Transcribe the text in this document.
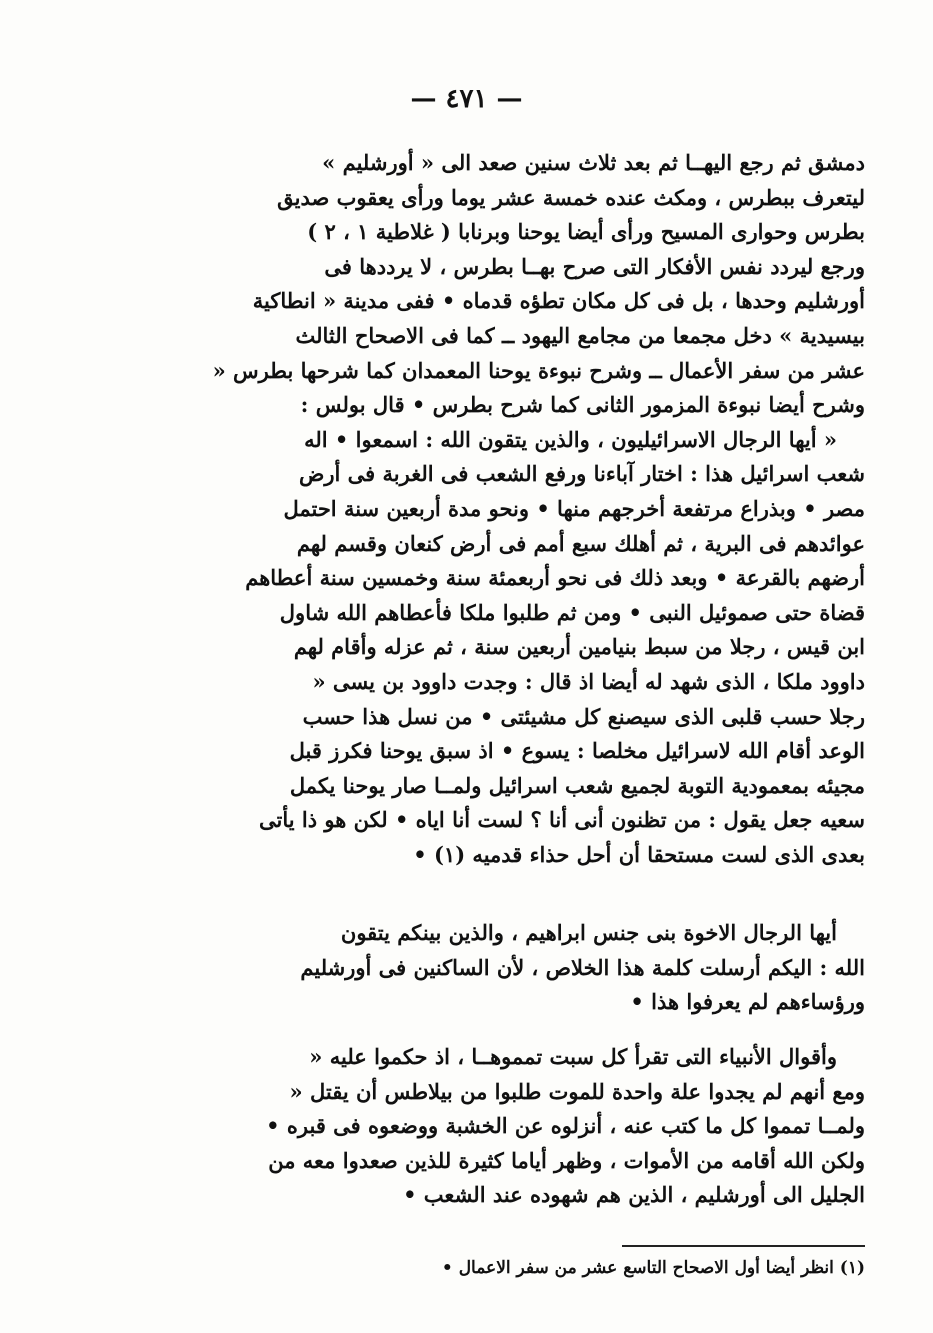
— ٤٧١ —
دمشق ثم رجع اليهــا ثم بعد ثلاث سنين صعد الى « أورشليم »
ليتعرف ببطرس ، ومكث عنده خمسة عشر يوما ورأى يعقوب صديق
بطرس وحوارى المسيح ورأى أيضا يوحنا وبرنابا ( غلاطية ١ ، ٢ )
ورجع ليردد نفس الأفكار التى صرح بهــا بطرس ، لا يرددها فى
أورشليم وحدها ، بل فى كل مكان تطؤه قدماه • ففى مدينة « انطاكية
بيسيدية » دخل مجمعا من مجامع اليهود ــ كما فى الاصحاح الثالث
عشر من سفر الأعمال ــ وشرح نبوءة يوحنا المعمدان كما شرحها بطرس «
وشرح أيضا نبوءة المزمور الثانى كما شرح بطرس • قال بولس :
« أيها الرجال الاسرائيليون ، والذين يتقون الله : اسمعوا • اله
شعب اسرائيل هذا : اختار آباءنا ورفع الشعب فى الغربة فى أرض
مصر • وبذراع مرتفعة أخرجهم منها • ونحو مدة أربعين سنة احتمل
عوائدهم فى البرية ، ثم أهلك سبع أمم فى أرض كنعان وقسم لهم
أرضهم بالقرعة • وبعد ذلك فى نحو أربعمئة سنة وخمسين سنة أعطاهم
قضاة حتى صموئيل النبى • ومن ثم طلبوا ملكا فأعطاهم الله شاول
ابن قيس ، رجلا من سبط بنيامين أربعين سنة ، ثم عزله وأقام لهم
داوود ملكا ، الذى شهد له أيضا اذ قال : وجدت داوود بن يسى «
رجلا حسب قلبى الذى سيصنع كل مشيئتى • من نسل هذا حسب
الوعد أقام الله لاسرائيل مخلصا : يسوع • اذ سبق يوحنا فكرز قبل
مجيئه بمعمودية التوبة لجميع شعب اسرائيل ولمــا صار يوحنا يكمل
سعيه جعل يقول : من تظنون أنى أنا ؟ لست أنا اياه • لكن هو ذا يأتى
بعدى الذى لست مستحقا أن أحل حذاء قدميه (١) •
أيها الرجال الاخوة بنى جنس ابراهيم ، والذين بينكم يتقون
الله : اليكم أرسلت كلمة هذا الخلاص ، لأن الساكنين فى أورشليم
ورؤساءهم لم يعرفوا هذا •
وأقوال الأنبياء التى تقرأ كل سبت تمموهــا ، اذ حكموا عليه «
ومع أنهم لم يجدوا علة واحدة للموت طلبوا من بيلاطس أن يقتل «
ولمــا تمموا كل ما كتب عنه ، أنزلوه عن الخشبة ووضعوه فى قبره •
ولكن الله أقامه من الأموات ، وظهر أياما كثيرة للذين صعدوا معه من
الجليل الى أورشليم ، الذين هم شهوده عند الشعب •
(١) انظر أيضا أول الاصحاح التاسع عشر من سفر الاعمال •
